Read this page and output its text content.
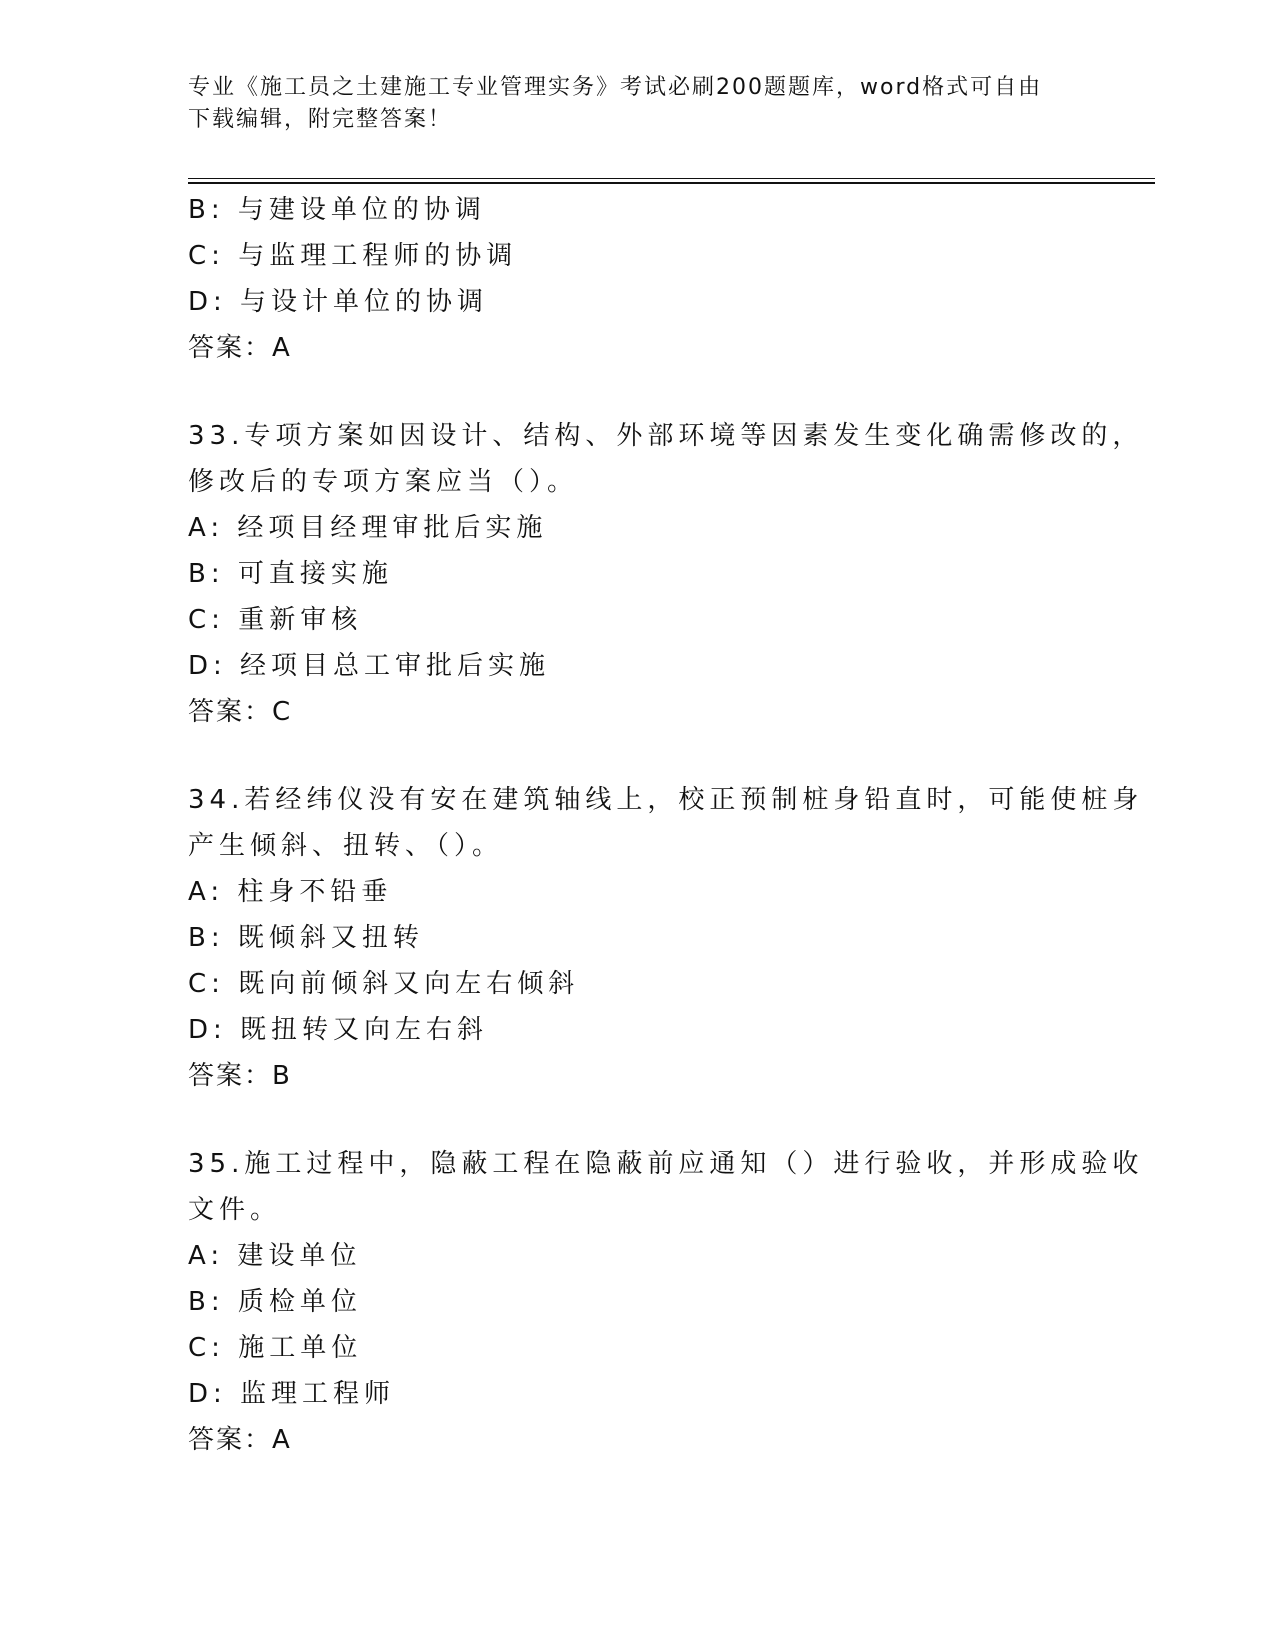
专业《施工员之土建施工专业管理实务》考试必刷200题题库，word格式可自由
下载编辑，附完整答案！
B: 与建设单位的协调
C: 与监理工程师的协调
D: 与设计单位的协调
答案：A
33.专项方案如因设计、结构、外部环境等因素发生变化确需修改的，
修改后的专项方案应当（）。
A: 经项目经理审批后实施
B: 可直接实施
C: 重新审核
D: 经项目总工审批后实施
答案：C
34.若经纬仪没有安在建筑轴线上，校正预制桩身铅直时，可能使桩身
产生倾斜、扭转、（）。
A: 柱身不铅垂
B: 既倾斜又扭转
C: 既向前倾斜又向左右倾斜
D: 既扭转又向左右斜
答案：B
35.施工过程中，隐蔽工程在隐蔽前应通知（）进行验收，并形成验收
文件。
A: 建设单位
B: 质检单位
C: 施工单位
D: 监理工程师
答案：A
